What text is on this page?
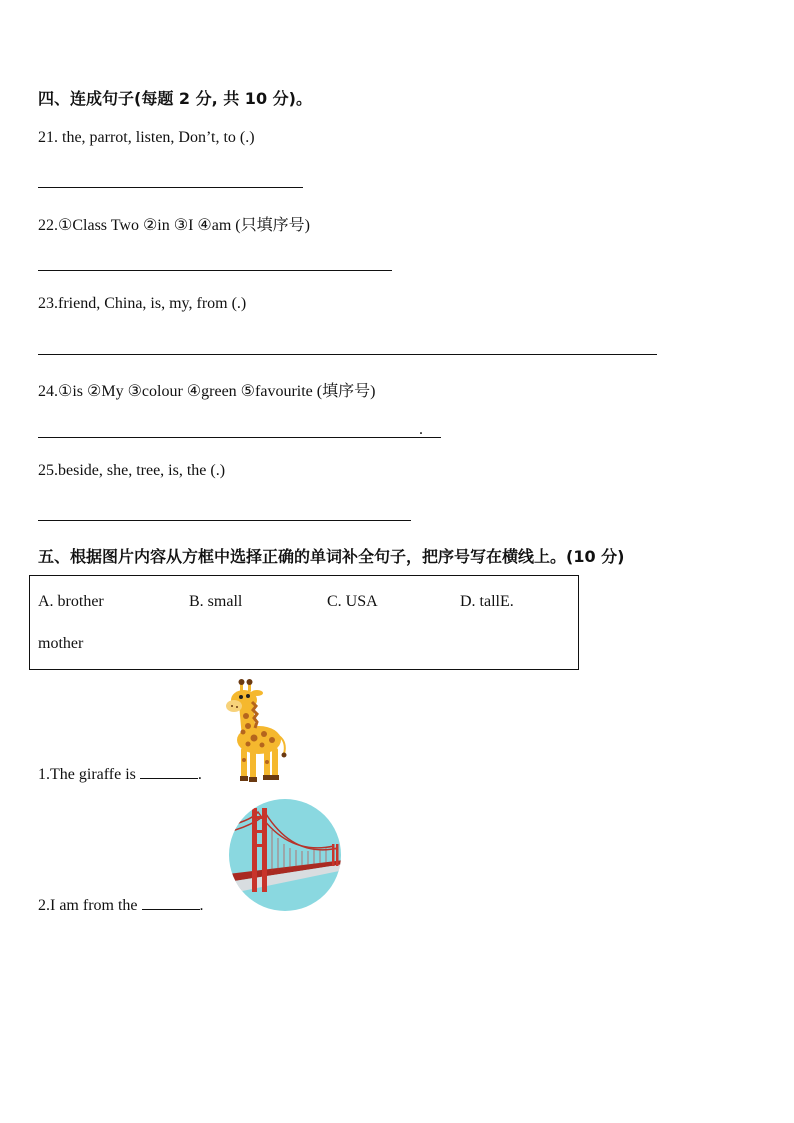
四、连成句子(每题 2 分, 共 10 分)。
21. the, parrot, listen, Don’t, to (.)
22.①Class Two ②in ③I ④am (只填序号)
23.friend, China, is, my, from (.)
24.①is ②My ③colour ④green ⑤favourite (填序号)
.
25.beside, she, tree, is, the (.)
五、根据图片内容从方框中选择正确的单词补全句子，把序号写在横线上。(10 分)
A. brother	B. small	C. USA	D. tallE.
mother
1.The giraffe is	.
2.I am from the	.
